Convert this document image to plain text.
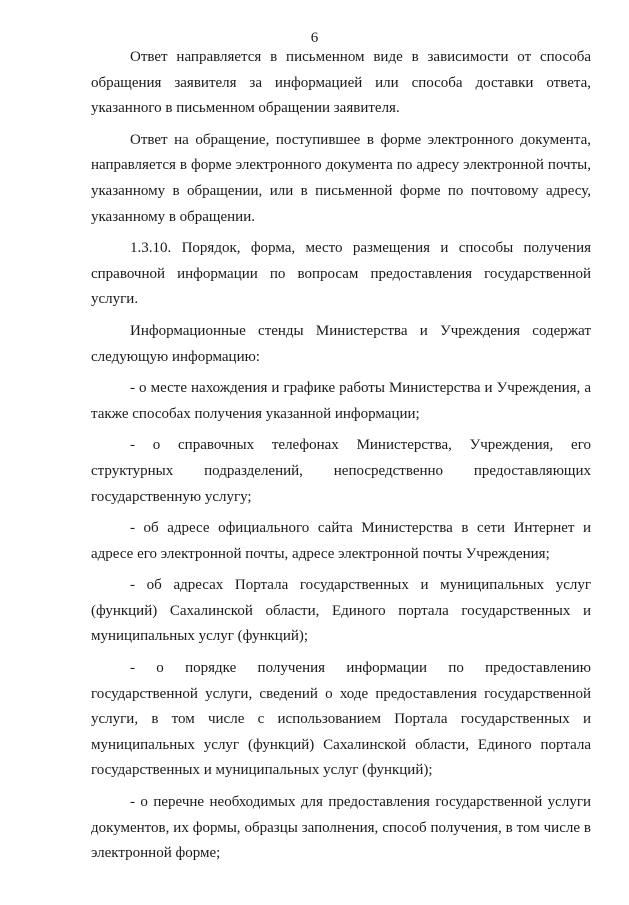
6

Ответ направляется в письменном виде в зависимости от способа обращения заявителя за информацией или способа доставки ответа, указанного в письменном обращении заявителя.

Ответ на обращение, поступившее в форме электронного документа, направляется в форме электронного документа по адресу электронной почты, указанному в обращении, или в письменной форме по почтовому адресу, указанному в обращении.

1.3.10. Порядок, форма, место размещения и способы получения справочной информации по вопросам предоставления государственной услуги.

Информационные стенды Министерства и Учреждения содержат следующую информацию:

- о месте нахождения и графике работы Министерства и Учреждения, а также способах получения указанной информации;

- о справочных телефонах Министерства, Учреждения, его структурных подразделений, непосредственно предоставляющих государственную услугу;

- об адресе официального сайта Министерства в сети Интернет и адресе его электронной почты, адресе электронной почты Учреждения;

- об адресах Портала государственных и муниципальных услуг (функций) Сахалинской области, Единого портала государственных и муниципальных услуг (функций);

- о порядке получения информации по предоставлению государственной услуги, сведений о ходе предоставления государственной услуги, в том числе с использованием Портала государственных и муниципальных услуг (функций) Сахалинской области, Единого портала государственных и муниципальных услуг (функций);

- о перечне необходимых для предоставления государственной услуги документов, их формы, образцы заполнения, способ получения, в том числе в электронной форме;
